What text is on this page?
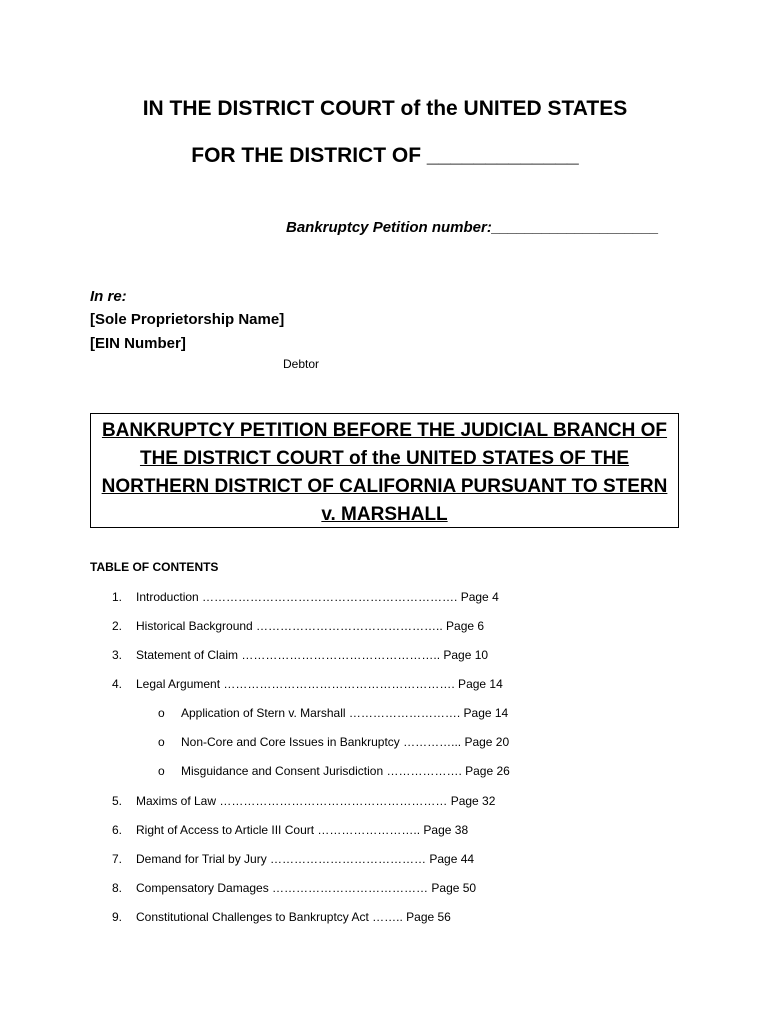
IN THE DISTRICT COURT of the UNITED STATES
FOR THE DISTRICT OF _____________
Bankruptcy Petition number:____________________
In re:
[Sole Proprietorship Name]
[EIN Number]
Debtor
BANKRUPTCY PETITION BEFORE THE JUDICIAL BRANCH OF
THE DISTRICT COURT of the UNITED STATES OF THE
NORTHERN DISTRICT OF CALIFORNIA PURSUANT TO STERN
v. MARSHALL
TABLE OF CONTENTS
1. Introduction ………………………………………………………. Page 4
2. Historical Background ……………………………………….. Page 6
3. Statement of Claim ………………………………………….. Page 10
4. Legal Argument …………………………………………………. Page 14
o Application of Stern v. Marshall ………………………. Page 14
o Non-Core and Core Issues in Bankruptcy …………... Page 20
o Misguidance and Consent Jurisdiction ………………. Page 26
5. Maxims of Law ………………………………………………… Page 32
6. Right of Access to Article III Court …………………….. Page 38
7. Demand for Trial by Jury ………………………………… Page 44
8. Compensatory Damages ………………………………… Page 50
9. Constitutional Challenges to Bankruptcy Act …….. Page 56
